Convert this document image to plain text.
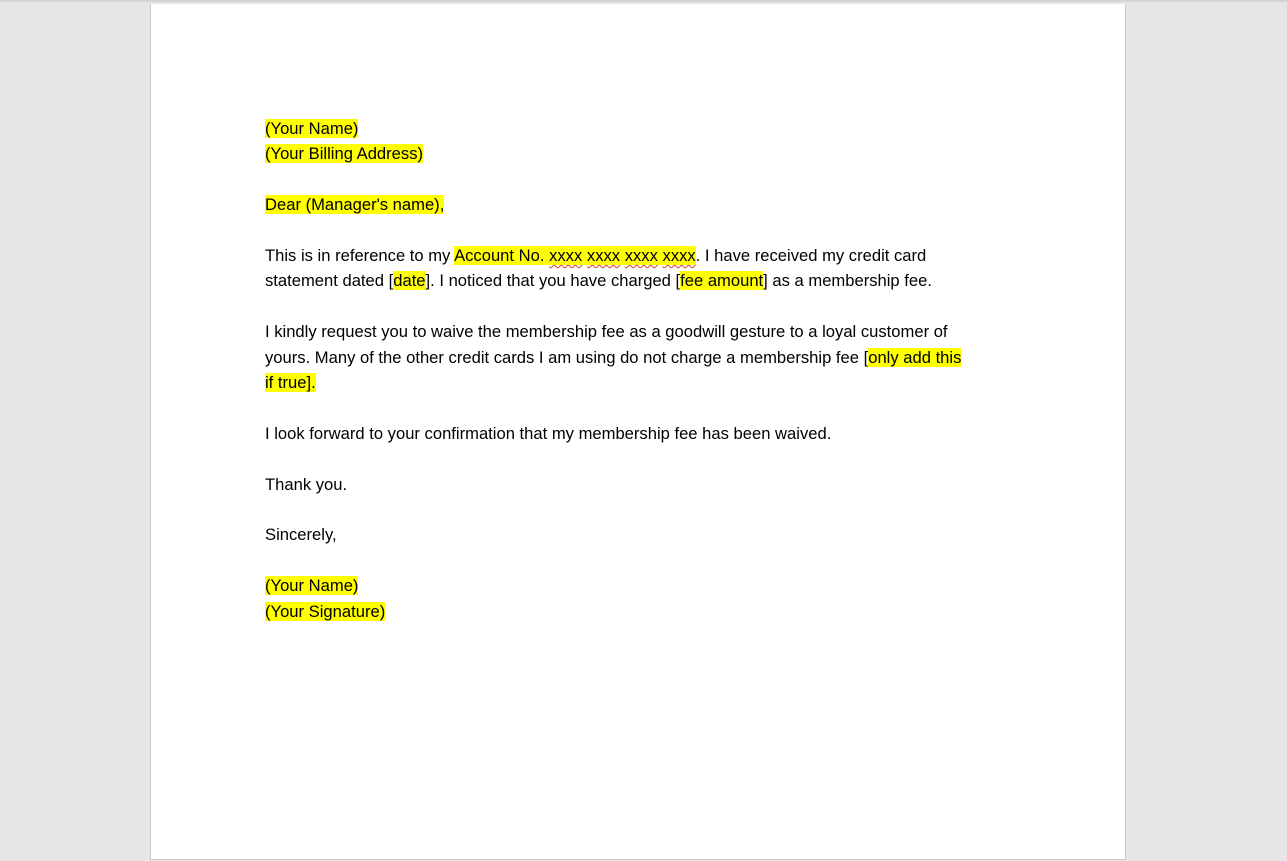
(Your Name)
(Your Billing Address)
Dear (Manager's name),
This is in reference to my Account No. xxxx xxxx xxxx xxxx. I have received my credit card
statement dated [date]. I noticed that you have charged [fee amount] as a membership fee.
I kindly request you to waive the membership fee as a goodwill gesture to a loyal customer of
yours. Many of the other credit cards I am using do not charge a membership fee [only add this
if true].
I look forward to your confirmation that my membership fee has been waived.
Thank you.
Sincerely,
(Your Name)
(Your Signature)
